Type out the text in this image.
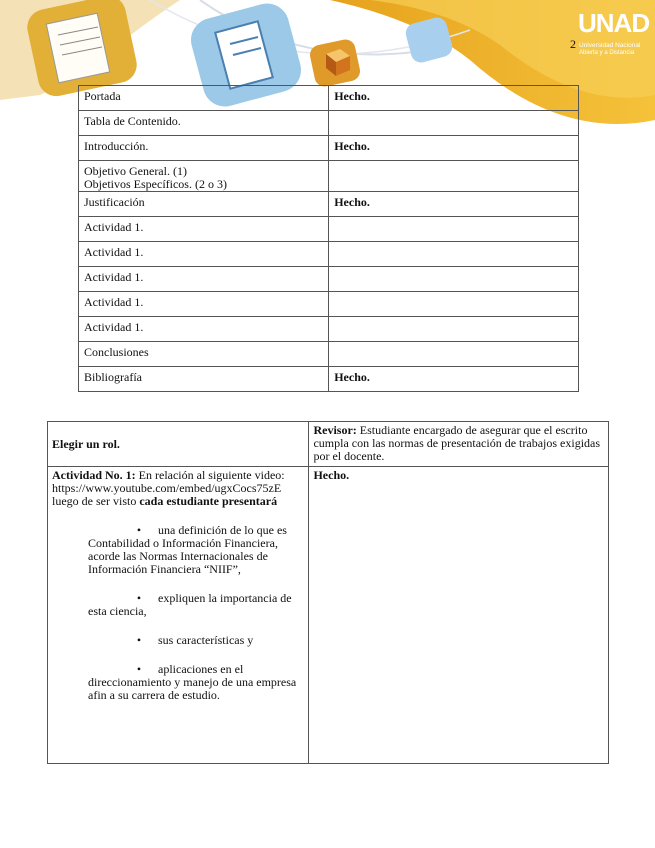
2
UNAD
Universidad Nacional
Abierta y a Distancia
Portada	Hecho.
Tabla de Contenido.	
Introducción.	Hecho.
Objetivo General. (1)
Objetivos Específicos. (2 o 3)	
Justificación	Hecho.
Actividad 1.	
Actividad 1.	
Actividad 1.	
Actividad 1.	
Actividad 1.	
Conclusiones	
Bibliografía	Hecho.
Elegir un rol.	Revisor: Estudiante encargado de asegurar que el escrito cumpla con las normas de presentación de trabajos exigidas por el docente.
Actividad No. 1: En relación al siguiente video: https://www.youtube.com/embed/ugxCocs75zE luego de ser visto cada estudiante presentará
• una definición de lo que es Contabilidad o Información Financiera, acorde las Normas Internacionales de Información Financiera “NIIF”,
• expliquen la importancia de esta ciencia,
• sus características y
• aplicaciones en el direccionamiento y manejo de una empresa afin a su carrera de estudio.	Hecho.
